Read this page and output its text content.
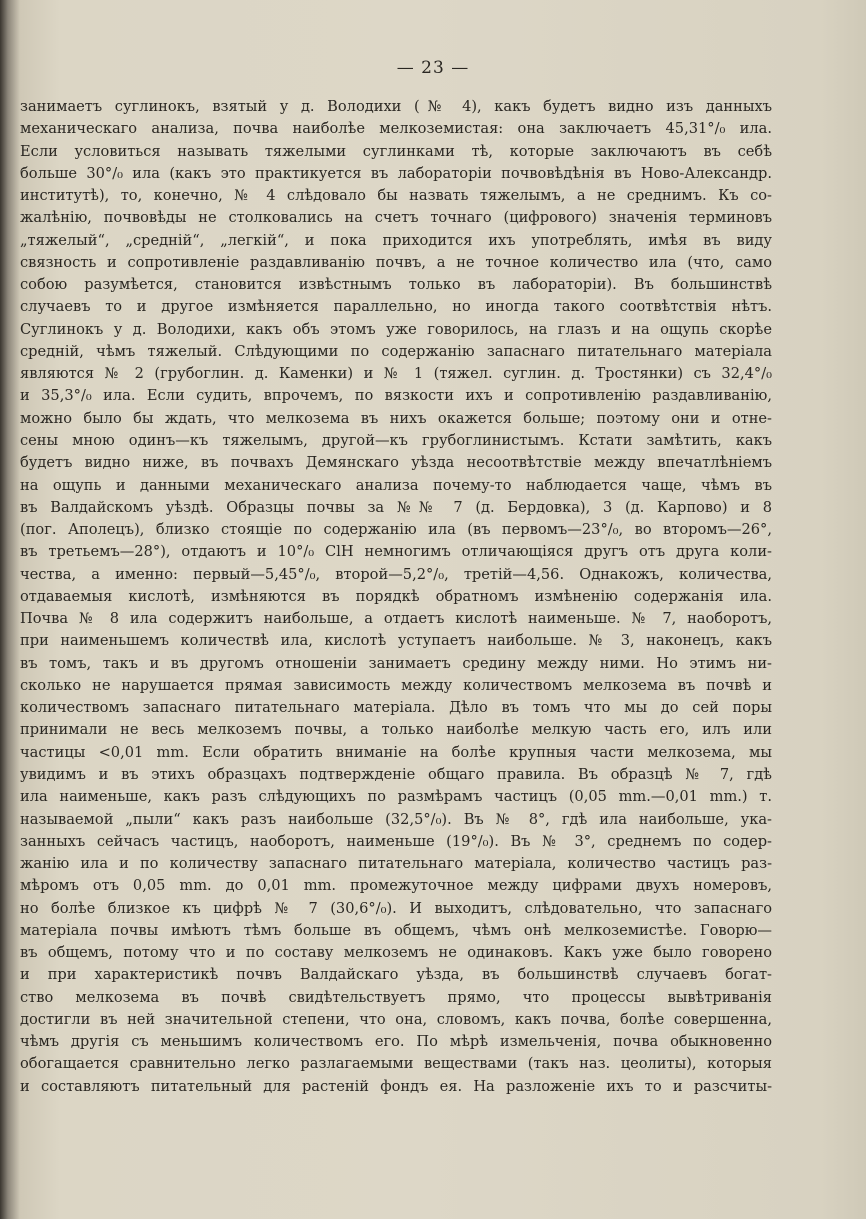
— 23 —
занимаетъ суглинокъ, взятый у д. Володихи (№ 4), какъ будетъ видно изъ данныхъ
механическаго анализа, почва наиболѣе мелкоземистая: она заключаетъ 45,31°/₀ ила.
Если условиться называть тяжелыми суглинками тѣ, которые заключаютъ въ себѣ
больше 30°/₀ ила (какъ это практикуется въ лабораторіи почвовѣдѣнія въ Ново-Александр.
институтѣ), то, конечно, № 4 слѣдовало бы назвать тяжелымъ, а не среднимъ. Къ со-
жалѣнію, почвовѣды не столковались на счетъ точнаго (цифрового) значенія терминовъ
„тяжелый“, „средній“, „легкій“, и пока приходится ихъ употреблять, имѣя въ виду
связность и сопротивленіе раздавливанію почвъ, а не точное количество ила (что, само
собою разумѣется, становится извѣстнымъ только въ лабораторіи). Въ большинствѣ
случаевъ то и другое измѣняется параллельно, но иногда такого соотвѣтствія нѣтъ.
Суглинокъ у д. Володихи, какъ объ этомъ уже говорилось, на глазъ и на ощупь скорѣе
средній, чѣмъ тяжелый. Слѣдующими по содержанію запаснаго питательнаго матеріала
являются № 2 (грубоглин. д. Каменки) и № 1 (тяжел. суглин. д. Тростянки) съ 32,4°/₀
и 35,3°/₀ ила. Если судить, впрочемъ, по вязкости ихъ и сопротивленію раздавливанію,
можно было бы ждать, что мелкозема въ нихъ окажется больше; поэтому они и отне-
сены мною одинъ—къ тяжелымъ, другой—къ грубоглинистымъ. Кстати замѣтить, какъ
будетъ видно ниже, въ почвахъ Демянскаго уѣзда несоотвѣтствіе между впечатлѣніемъ
на ощупь и данными механическаго анализа почему-то наблюдается чаще, чѣмъ въ
въ Валдайскомъ уѣздѣ. Образцы почвы за №№ 7 (д. Бердовка), 3 (д. Карпово) и 8
(пог. Аполецъ), близко стоящіе по содержанію ила (въ первомъ—23°/₀, во второмъ—26°,
въ третьемъ—28°), отдаютъ и 10°/₀ ClH немногимъ отличающіяся другъ отъ друга коли-
чества, а именно: первый—5,45°/₀, второй—5,2°/₀, третій—4,56. Однакожъ, количества,
отдаваемыя кислотѣ, измѣняются въ порядкѣ обратномъ измѣненію содержанія ила.
Почва № 8 ила содержитъ наибольше, а отдаетъ кислотѣ наименьше. № 7, наоборотъ,
при наименьшемъ количествѣ ила, кислотѣ уступаетъ наибольше. № 3, наконецъ, какъ
въ томъ, такъ и въ другомъ отношеніи занимаетъ средину между ними. Но этимъ ни-
сколько не нарушается прямая зависимость между количествомъ мелкозема въ почвѣ и
количествомъ запаснаго питательнаго матеріала. Дѣло въ томъ что мы до сей поры
принимали не весь мелкоземъ почвы, а только наиболѣе мелкую часть его, илъ или
частицы <0,01 mm. Если обратить вниманіе на болѣе крупныя части мелкозема, мы
увидимъ и въ этихъ образцахъ подтвержденіе общаго правила. Въ образцѣ № 7, гдѣ
ила наименьше, какъ разъ слѣдующихъ по размѣрамъ частицъ (0,05 mm.—0,01 mm.) т.
называемой „пыли“ какъ разъ наибольше (32,5°/₀). Въ № 8°, гдѣ ила наибольше, ука-
занныхъ сейчасъ частицъ, наоборотъ, наименьше (19°/₀). Въ № 3°, среднемъ по содер-
жанію ила и по количеству запаснаго питательнаго матеріала, количество частицъ раз-
мѣромъ отъ 0,05 mm. до 0,01 mm. промежуточное между цифрами двухъ номеровъ,
но болѣе близкое къ цифрѣ № 7 (30,6°/₀). И выходитъ, слѣдовательно, что запаснаго
матеріала почвы имѣютъ тѣмъ больше въ общемъ, чѣмъ онѣ мелкоземистѣе. Говорю—
въ общемъ, потому что и по составу мелкоземъ не одинаковъ. Какъ уже было говорено
и при характеристикѣ почвъ Валдайскаго уѣзда, въ большинствѣ случаевъ богат-
ство мелкозема въ почвѣ свидѣтельствуетъ прямо, что процессы вывѣтриванія
достигли въ ней значительной степени, что она, словомъ, какъ почва, болѣе совершенна,
чѣмъ другія съ меньшимъ количествомъ его. По мѣрѣ измельченія, почва обыкновенно
обогащается сравнительно легко разлагаемыми веществами (такъ наз. цеолиты), которыя
и составляютъ питательный для растеній фондъ ея. На разложеніе ихъ то и разсчиты-
